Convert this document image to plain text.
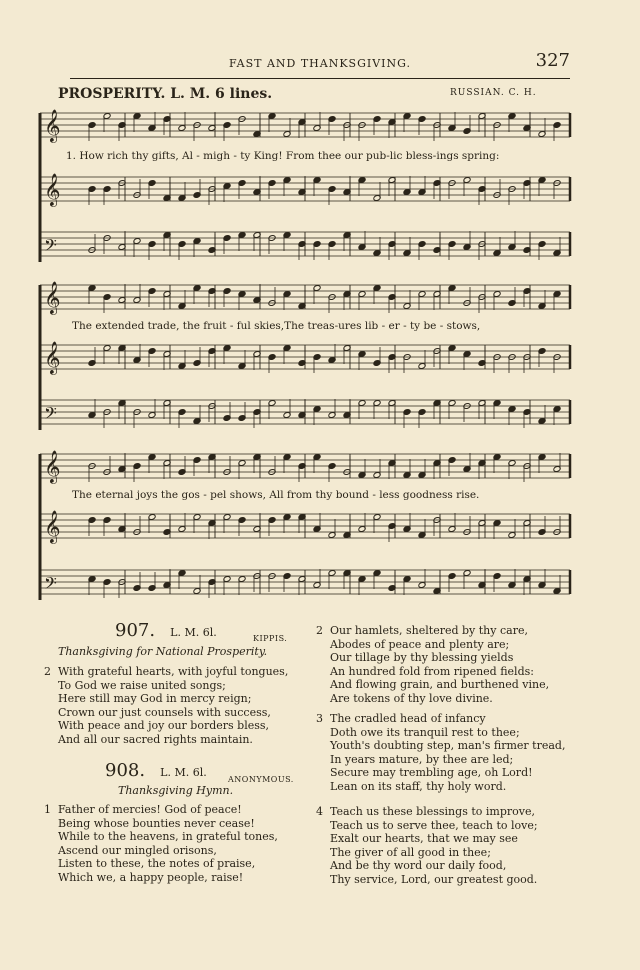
FAST AND THANKSGIVING.	327
PROSPERITY. L. M. 6 lines.	RUSSIAN. C. H.
𝄞
𝄞
𝄢
𝄞
𝄞
𝄢
𝄞
𝄞
𝄢
1. How rich thy gifts, Al - migh - ty King! From thee our pub-lic bless-ings spring:
The extended trade, the fruit - ful skies,The treas-ures lib - er - ty be - stows,
The eternal joys the gos - pel shows, All from thy bound - less goodness rise.
907. L. M. 6l.	KIPPIS.
Thanksgiving for National Prosperity.
2 With grateful hearts, with joyful tongues,
To God we raise united songs;
Here still may God in mercy reign;
Crown our just counsels with success,
With peace and joy our borders bless,
And all our sacred rights maintain.
908. L. M. 6l.
ANONYMOUS.
Thanksgiving Hymn.
1 Father of mercies! God of peace!
Being whose bounties never cease!
While to the heavens, in grateful tones,
Ascend our mingled orisons,
Listen to these, the notes of praise,
Which we, a happy people, raise!
2 Our hamlets, sheltered by thy care,
Abodes of peace and plenty are;
Our tillage by thy blessing yields
An hundred fold from ripened fields:
And flowing grain, and burthened vine,
Are tokens of thy love divine.
3 The cradled head of infancy
Doth owe its tranquil rest to thee;
Youth's doubting step, man's firmer tread,
In years mature, by thee are led;
Secure may trembling age, oh Lord!
Lean on its staff, thy holy word.
4 Teach us these blessings to improve,
Teach us to serve thee, teach to love;
Exalt our hearts, that we may see
The giver of all good in thee;
And be thy word our daily food,
Thy service, Lord, our greatest good.
